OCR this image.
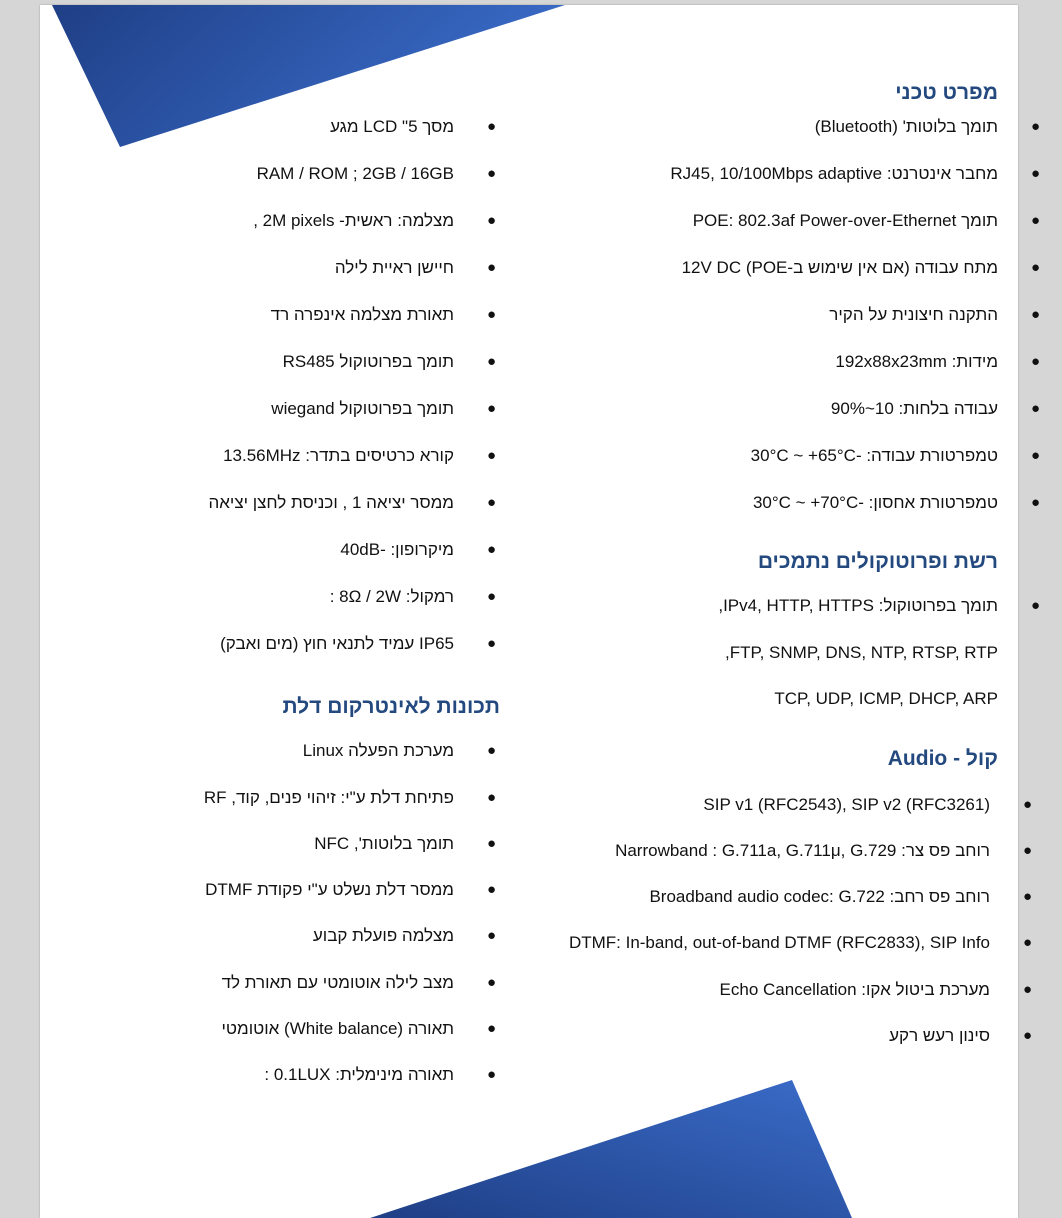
מפרט טכני
●
תומך בלוטות' (Bluetooth)
●
מחבר אינטרנט: RJ45, 10/100Mbps adaptive
●
תומך POE: 802.3af Power-over-Ethernet
●
מתח עבודה (אם אין שימוש ב-POE) 12V DC
●
התקנה חיצונית על הקיר
●
מידות: 192x88x23mm
●
עבודה בלחות: 10~90%
●
טמפרטורת עבודה: -30°C ~ +65°C
●
טמפרטורת אחסון: -30°C ~ +70°C
רשת ופרוטוקולים נתמכים
●
תומך בפרוטוקול: IPv4, HTTP, HTTPS,
FTP, SNMP, DNS, NTP, RTSP, RTP,
TCP, UDP, ICMP, DHCP, ARP
קול - Audio
●
SIP v1 (RFC2543), SIP v2 (RFC3261)
●
רוחב פס צר: Narrowband : G.711a, G.711μ, G.729
●
רוחב פס רחב: Broadband audio codec: G.722
●
DTMF: In-band, out-of-band DTMF (RFC2833), SIP Info
●
מערכת ביטול אקו: Echo Cancellation
●
סינון רעש רקע
●
מסך 5" LCD מגע
●
RAM / ROM ; 2GB / 16GB
●
מצלמה: ראשית- 2M pixels ,
●
חיישן ראיית לילה
●
תאורת מצלמה אינפרה רד
●
תומך בפרוטוקול RS485
●
תומך בפרוטוקול wiegand
●
קורא כרטיסים בתדר: 13.56MHz
●
ממסר יציאה 1 , וכניסת לחצן יציאה
●
מיקרופון: -40dB
●
רמקול: 8Ω / 2W :
●
IP65 עמיד לתנאי חוץ (מים ואבק)
תכונות לאינטרקום דלת
●
מערכת הפעלה Linux
●
פתיחת דלת ע"י: זיהוי פנים, קוד, RF
●
תומך בלוטות', NFC
●
ממסר דלת נשלט ע"י פקודת DTMF
●
מצלמה פועלת קבוע
●
מצב לילה אוטומטי עם תאורת לד
●
תאורה (White balance) אוטומטי
●
תאורה מינימלית: 0.1LUX :
